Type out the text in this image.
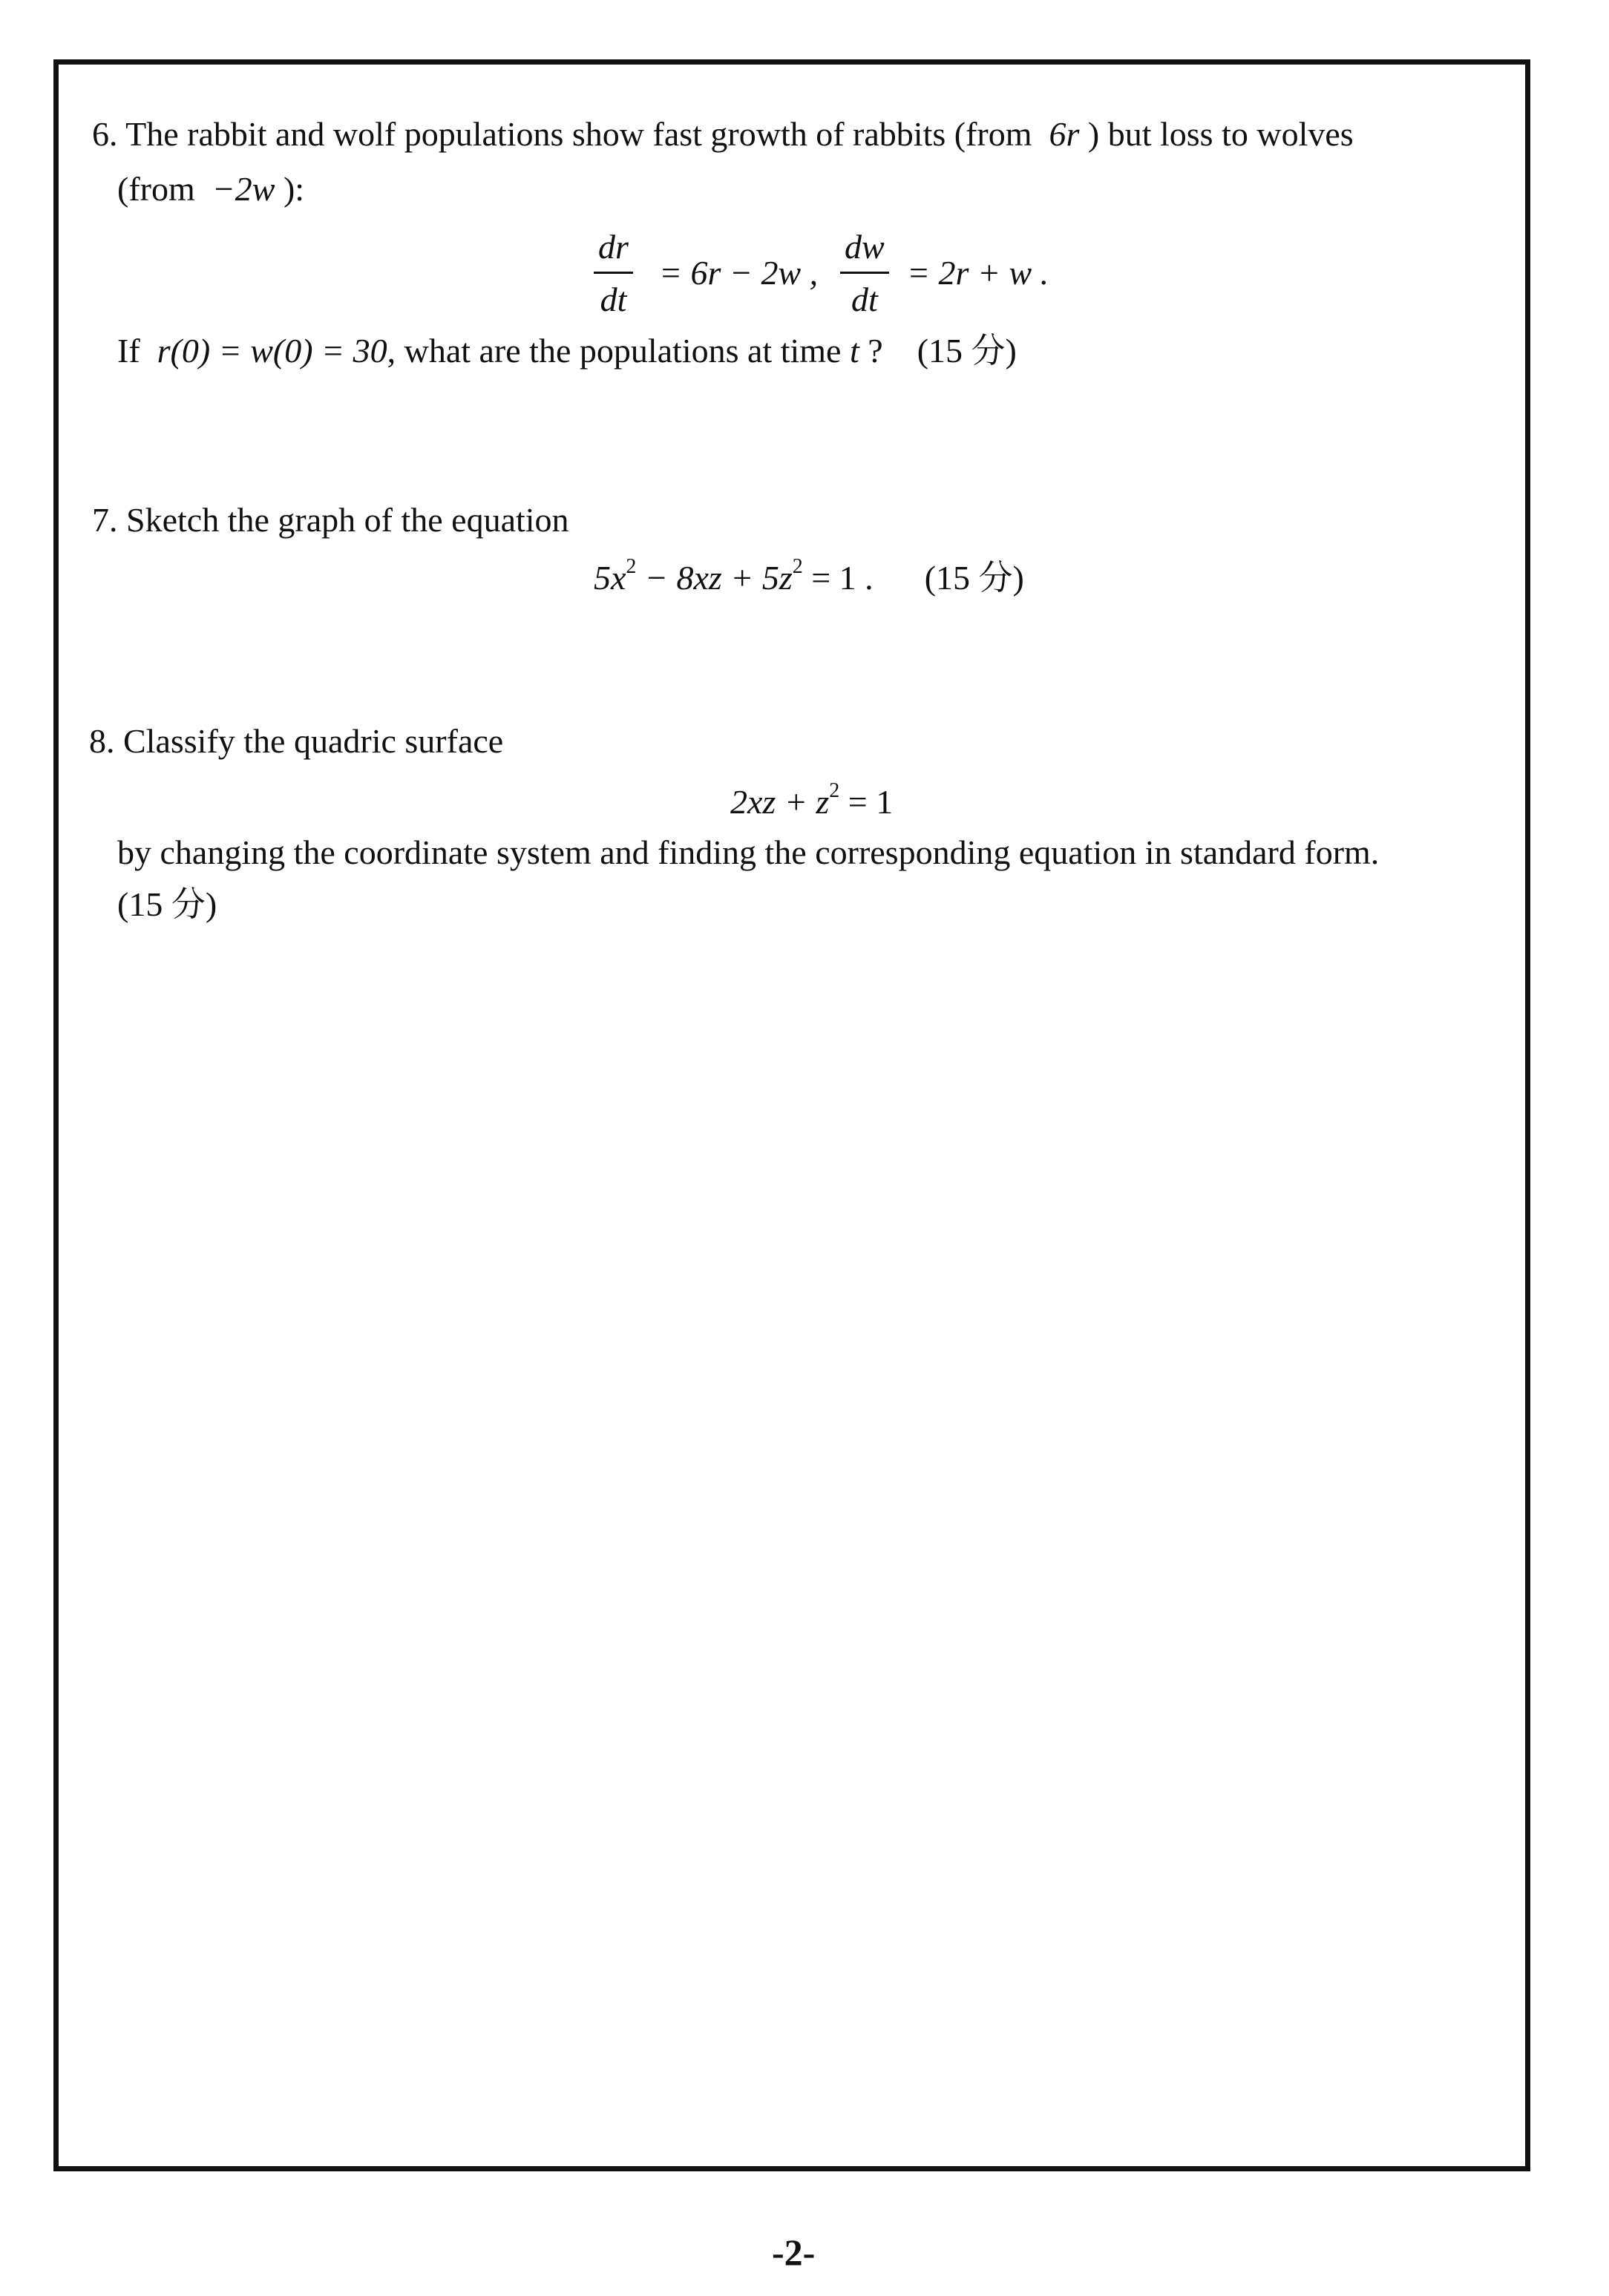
6. The rabbit and wolf populations show fast growth of rabbits (from 6r ) but loss to wolves
(from −2w ):
$\frac{dr}{dt} = 6r - 2w$ , $\frac{dw}{dt} = 2r + w$ .
If r(0) = w(0) = 30, what are the populations at time t ? (15 分)
7. Sketch the graph of the equation
$5x^2 - 8xz + 5z^2 = 1$ . (15 分)
8. Classify the quadric surface
$2xz + z^2 = 1$
by changing the coordinate system and finding the corresponding equation in standard form.
(15 分)
-2-
